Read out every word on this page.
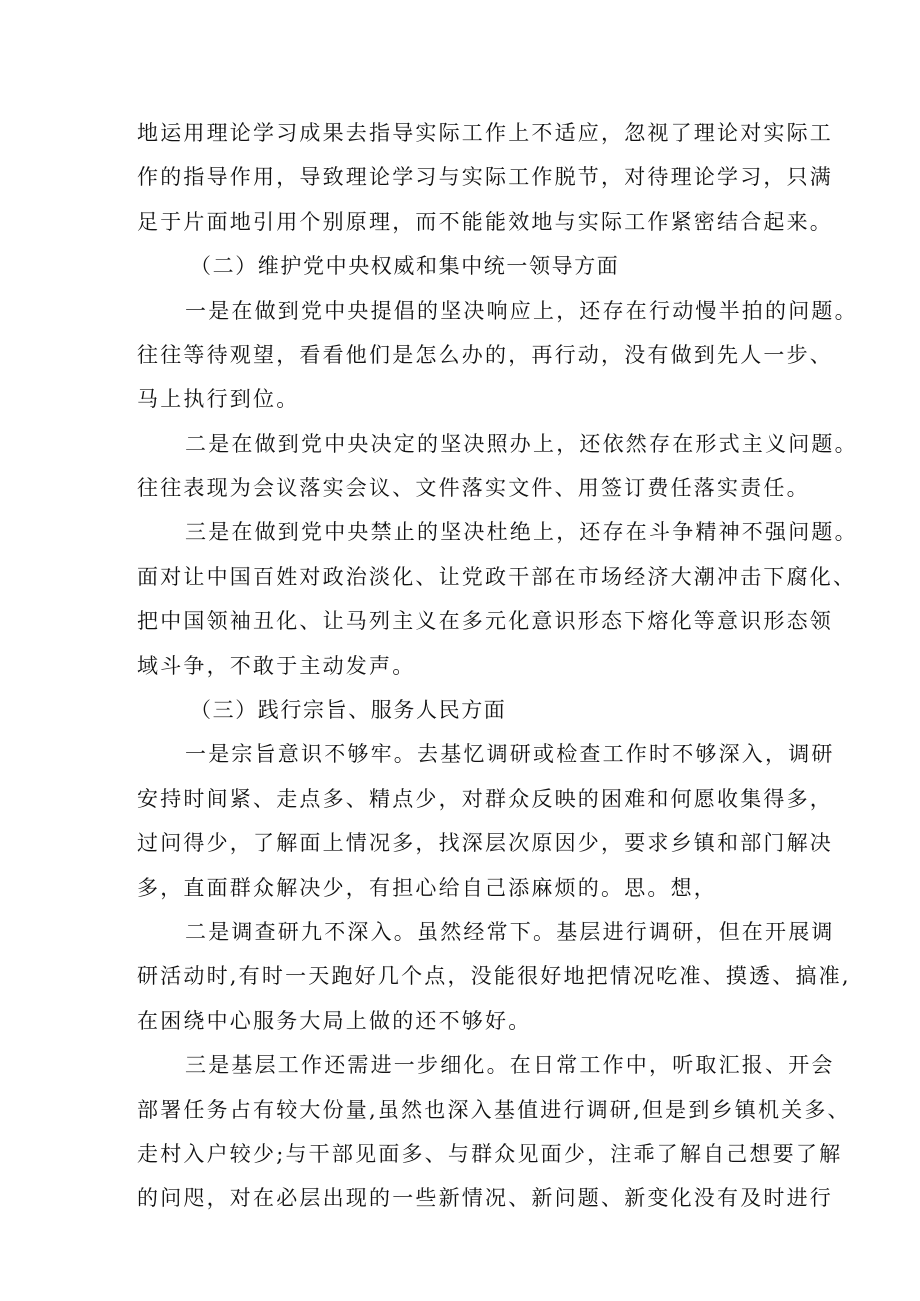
地运用理论学习成果去指导实际工作上不适应，忽视了理论对实际工
作的指导作用，导致理论学习与实际工作脱节，对待理论学习，只满
足于片面地引用个别原理，而不能能效地与实际工作紧密结合起来。
（二）维护党中央权威和集中统一领导方面
一是在做到党中央提倡的坚决响应上，还存在行动慢半拍的问题。
往往等待观望，看看他们是怎么办的，再行动，没有做到先人一步、
马上执行到位。
二是在做到党中央决定的坚决照办上，还依然存在形式主义问题。
往往表现为会议落实会议、文件落实文件、用签订费任落实责任。
三是在做到党中央禁止的坚决杜绝上，还存在斗争精神不强问题。
面对让中国百姓对政治淡化、让党政干部在市场经济大潮冲击下腐化、
把中国领袖丑化、让马列主义在多元化意识形态下熔化等意识形态领
域斗争，不敢于主动发声。
（三）践行宗旨、服务人民方面
一是宗旨意识不够牢。去基忆调研或检查工作时不够深入，调研
安持时间紧、走点多、精点少，对群众反映的困难和何愿收集得多，
过问得少，了解面上情况多，找深层次原因少，要求乡镇和部门解决
多，直面群众解决少，有担心给自己添麻烦的。思。想，
二是调查研九不深入。虽然经常下。基层进行调研，但在开展调
研活动时,有时一天跑好几个点，没能很好地把情况吃准、摸透、搞准,
在困绕中心服务大局上做的还不够好。
三是基层工作还需进一步细化。在日常工作中，听取汇报、开会
部署任务占有较大份量,虽然也深入基值进行调研,但是到乡镇机关多、
走村入户较少;与干部见面多、与群众见面少，注乖了解自己想要了解
的问咫，对在必层出现的一些新情况、新问题、新变化没有及时进行
